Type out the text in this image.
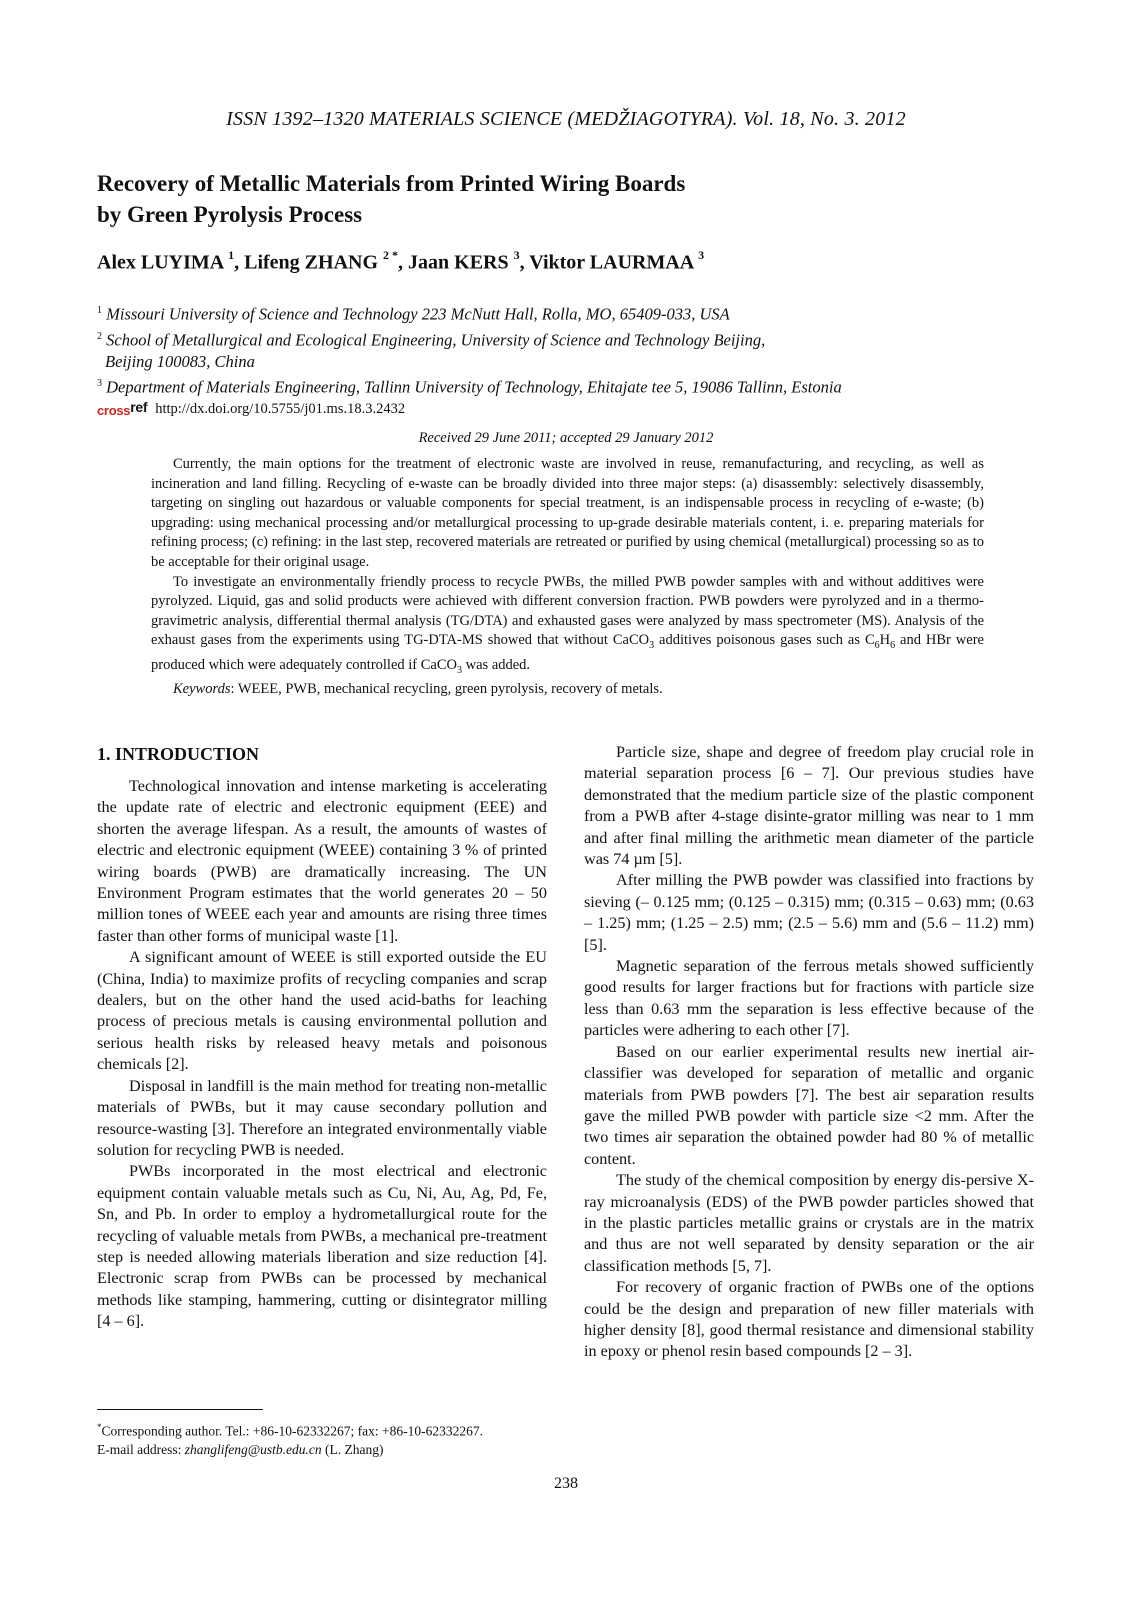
ISSN 1392–1320 MATERIALS SCIENCE (MEDŽIAGOTYRA). Vol. 18, No. 3. 2012
Recovery of Metallic Materials from Printed Wiring Boards
by Green Pyrolysis Process
Alex LUYIMA $^1$, Lifeng ZHANG $^{2 *}$, Jaan KERS $^3$, Viktor LAURMAA $^3$
$^1$ Missouri University of Science and Technology 223 McNutt Hall, Rolla, MO, 65409-033, USA
$^2$ School of Metallurgical and Ecological Engineering, University of Science and Technology Beijing,
Beijing 100083, China
$^3$ Department of Materials Engineering, Tallinn University of Technology, Ehitajate tee 5, 19086 Tallinn, Estonia
crossref http://dx.doi.org/10.5755/j01.ms.18.3.2432
Received 29 June 2011; accepted 29 January 2012

Currently, the main options for the treatment of electronic waste are involved in reuse, remanufacturing, and recycling, as well as incineration and land filling. Recycling of e-waste can be broadly divided into three major steps: (a) disassembly: selectively disassembly, targeting on singling out hazardous or valuable components for special treatment, is an indispensable process in recycling of e-waste; (b) upgrading: using mechanical processing and/or metallurgical processing to up-grade desirable materials content, i. e. preparing materials for refining process; (c) refining: in the last step, recovered materials are retreated or purified by using chemical (metallurgical) processing so as to be acceptable for their original usage.

To investigate an environmentally friendly process to recycle PWBs, the milled PWB powder samples with and without additives were pyrolyzed. Liquid, gas and solid products were achieved with different conversion fraction. PWB powders were pyrolyzed and in a thermo-gravimetric analysis, differential thermal analysis (TG/DTA) and exhausted gases were analyzed by mass spectrometer (MS). Analysis of the exhaust gases from the experiments using TG-DTA-MS showed that without CaCO$_3$ additives poisonous gases such as $C_6H_6$ and HBr were produced which were adequately controlled if CaCO$_3$ was added.

Keywords: WEEE, PWB, mechanical recycling, green pyrolysis, recovery of metals.

1. INTRODUCTION

Technological innovation and intense marketing is accelerating the update rate of electric and electronic equipment (EEE) and shorten the average lifespan. As a result, the amounts of wastes of electric and electronic equipment (WEEE) containing 3 % of printed wiring boards (PWB) are dramatically increasing. The UN Environment Program estimates that the world generates 20 – 50 million tones of WEEE each year and amounts are rising three times faster than other forms of municipal waste [1].

A significant amount of WEEE is still exported outside the EU (China, India) to maximize profits of recycling companies and scrap dealers, but on the other hand the used acid-baths for leaching process of precious metals is causing environmental pollution and serious health risks by released heavy metals and poisonous chemicals [2].

Disposal in landfill is the main method for treating non-metallic materials of PWBs, but it may cause secondary pollution and resource-wasting [3]. Therefore an integrated environmentally viable solution for recycling PWB is needed.

PWBs incorporated in the most electrical and electronic equipment contain valuable metals such as Cu, Ni, Au, Ag, Pd, Fe, Sn, and Pb. In order to employ a hydrometallurgical route for the recycling of valuable metals from PWBs, a mechanical pre-treatment step is needed allowing materials liberation and size reduction [4]. Electronic scrap from PWBs can be processed by mechanical methods like stamping, hammering, cutting or disintegrator milling [4 – 6].

Particle size, shape and degree of freedom play crucial role in material separation process [6 – 7]. Our previous studies have demonstrated that the medium particle size of the plastic component from a PWB after 4-stage disinte-grator milling was near to 1 mm and after final milling the arithmetic mean diameter of the particle was 74 µm [5].

After milling the PWB powder was classified into fractions by sieving (– 0.125 mm; (0.125 – 0.315) mm; (0.315 – 0.63) mm; (0.63 – 1.25) mm; (1.25 – 2.5) mm; (2.5 – 5.6) mm and (5.6 – 11.2) mm) [5].

Magnetic separation of the ferrous metals showed sufficiently good results for larger fractions but for fractions with particle size less than 0.63 mm the separation is less effective because of the particles were adhering to each other [7].

Based on our earlier experimental results new inertial air-classifier was developed for separation of metallic and organic materials from PWB powders [7]. The best air separation results gave the milled PWB powder with particle size <2 mm. After the two times air separation the obtained powder had 80 % of metallic content.

The study of the chemical composition by energy dis-persive X-ray microanalysis (EDS) of the PWB powder particles showed that in the plastic particles metallic grains or crystals are in the matrix and thus are not well separated by density separation or the air classification methods [5, 7].

For recovery of organic fraction of PWBs one of the options could be the design and preparation of new filler materials with higher density [8], good thermal resistance and dimensional stability in epoxy or phenol resin based compounds [2 – 3].

*Corresponding author. Tel.: +86-10-62332267; fax: +86-10-62332267.
E-mail address: zhanglifeng@ustb.edu.cn (L. Zhang)
238
